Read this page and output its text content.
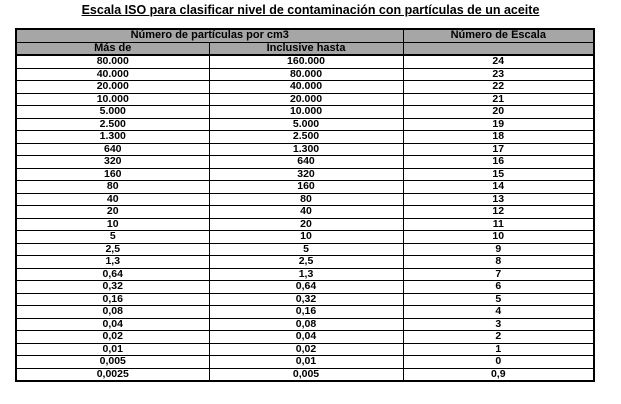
Escala ISO para clasificar nivel de contaminación con partículas de un aceite
Número de partículas por cm3		Número de Escala
Más de	Inclusive hasta	
80.000	160.000	24
40.000	80.000	23
20.000	40.000	22
10.000	20.000	21
5.000	10.000	20
2.500	5.000	19
1.300	2.500	18
640	1.300	17
320	640	16
160	320	15
80	160	14
40	80	13
20	40	12
10	20	11
5	10	10
2,5	5	9
1,3	2,5	8
0,64	1,3	7
0,32	0,64	6
0,16	0,32	5
0,08	0,16	4
0,04	0,08	3
0,02	0,04	2
0,01	0,02	1
0,005	0,01	0
0,0025	0,005	0,9
